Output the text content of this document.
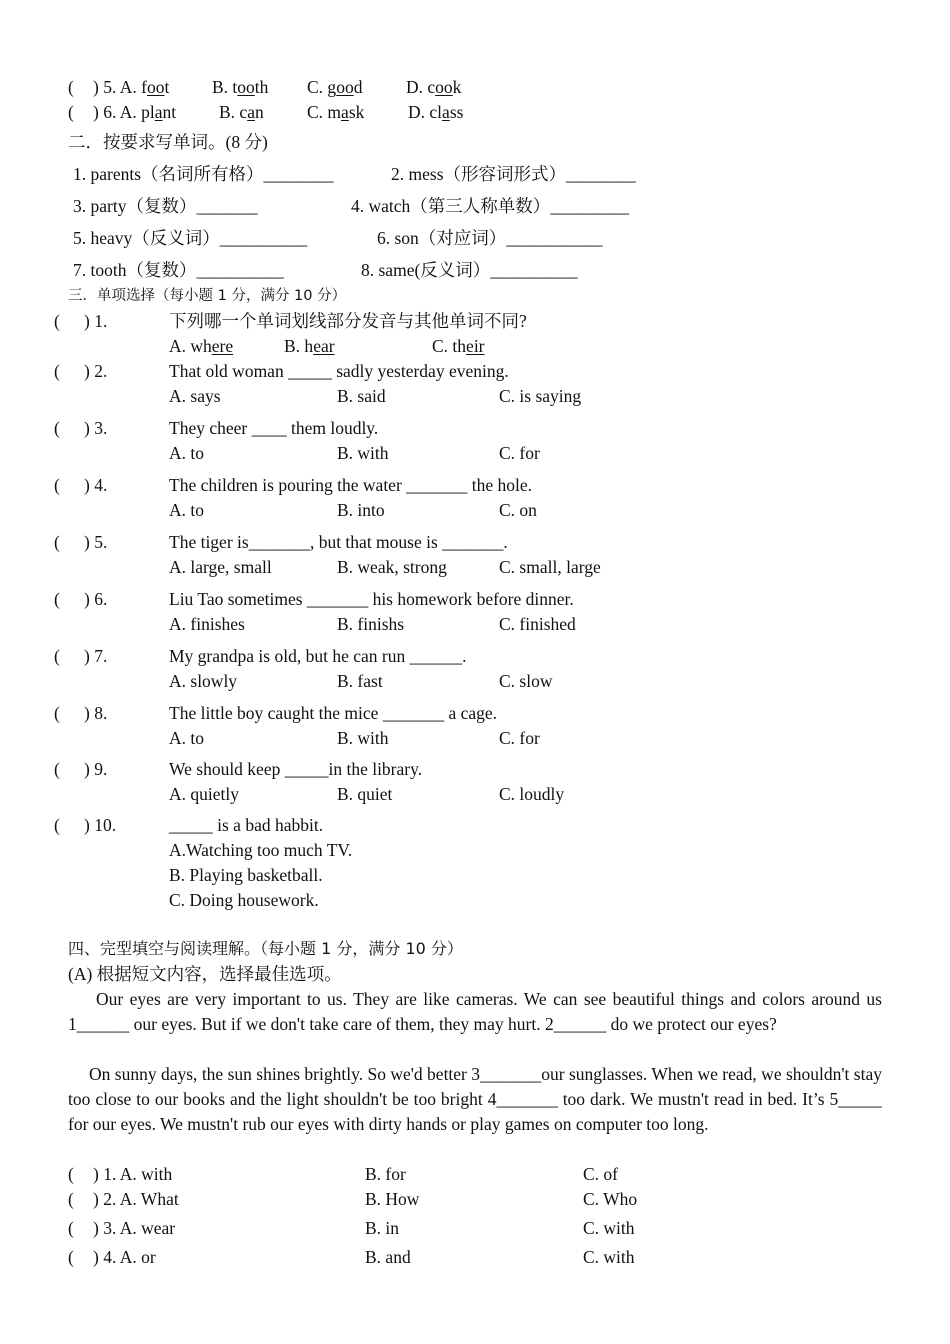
( ) 5. A. foot B. tooth C. good D. cook
( ) 6. A. plant B. can C. mask D. class
二．按要求写单词。(8 分)
1. parents（名词所有格）________	2. mess（形容词形式）________
3. party（复数）_______	4. watch（第三人称单数）_________
5. heavy（反义词）__________	6. son（对应词）___________
7. tooth（复数）__________	8. same(反义词）__________
三．单项选择（每小题 1 分，满分 10 分）
( ) 1.	下列哪一个单词划线部分发音与其他单词不同?
A. where	B. hear	C. their
( ) 2.	That old woman _____ sadly yesterday evening.
A. says	B. said	C. is saying
( ) 3.	They cheer ____ them loudly.
A. to	B. with	C. for
( ) 4.	The children is pouring the water _______ the hole.
A. to	B. into	C. on
( ) 5.	The tiger is_______, but that mouse is _______.
A. large, small	B. weak, strong	C. small, large
( ) 6.	Liu Tao sometimes _______ his homework before dinner.
A. finishes	B. finishs	C. finished
( ) 7.	My grandpa is old, but he can run ______.
A. slowly	B. fast	C. slow
( ) 8.	The little boy caught the mice _______ a cage.
A. to	B. with	C. for
( ) 9.	We should keep _____in the library.
A. quietly	B. quiet	C. loudly
( ) 10.	_____ is a bad habbit.
A.Watching too much TV.
B. Playing basketball.
C. Doing housework.
四、完型填空与阅读理解。（每小题 1 分，满分 10 分）
(A) 根据短文内容，选择最佳选项。
Our eyes are very important to us. They are like cameras. We can see beautiful things and colors around us 1______ our eyes. But if we don't take care of them, they may hurt. 2______ do we protect our eyes?
On sunny days, the sun shines brightly. So we'd better 3_______our sunglasses. When we read, we shouldn't stay too close to our books and the light shouldn't be too bright 4_______ too dark. We mustn't read in bed. It’s 5_____ for our eyes. We mustn't rub our eyes with dirty hands or play games on computer too long.
( ) 1. A. with	B. for	C. of
( ) 2. A. What	B. How	C. Who
( ) 3. A. wear	B. in	C. with
( ) 4. A. or	B. and	C. with
